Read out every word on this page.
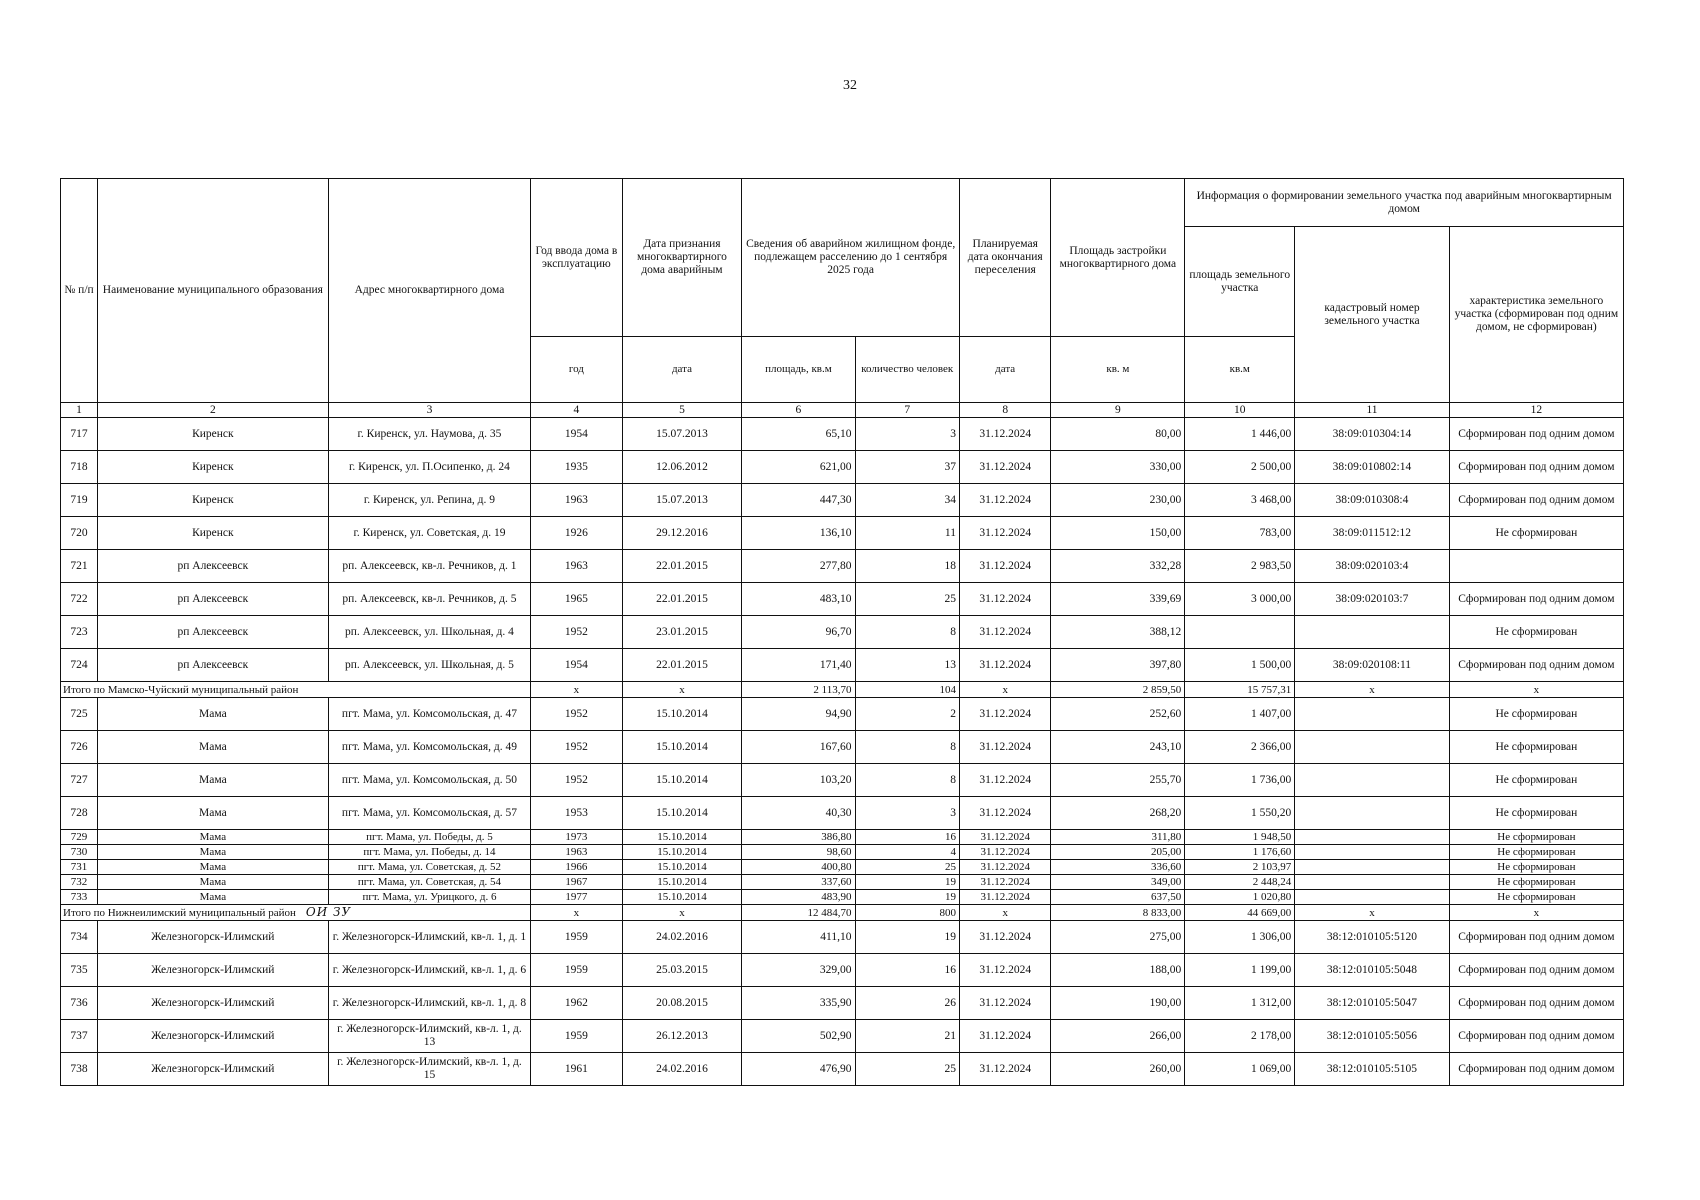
32
№ п/п	Наименование муниципального образования	Адрес многоквартирного дома	Год ввода дома в эксплуатацию	Дата признания многоквартирного дома аварийным	Сведения об аварийном жилищном фонде, подлежащем расселению до 1 сентября 2025 года		Планируемая дата окончания переселения	Площадь застройки многоквартирного дома	Информация о формировании земельного участка под аварийным многоквартирным домом		
									площадь земельного участка	кадастровый номер земельного участка	характеристика земельного участка (сформирован под одним домом, не сформирован)
			год	дата	площадь, кв.м	количество человек	дата	кв. м	кв.м		
1	2	3	4	5	6	7	8	9	10	11	12
717	Киренск	г. Киренск, ул. Наумова, д. 35	1954	15.07.2013	65,10	3	31.12.2024	80,00	1 446,00	38:09:010304:14	Сформирован под одним домом
718	Киренск	г. Киренск, ул. П.Осипенко, д. 24	1935	12.06.2012	621,00	37	31.12.2024	330,00	2 500,00	38:09:010802:14	Сформирован под одним домом
719	Киренск	г. Киренск, ул. Репина, д. 9	1963	15.07.2013	447,30	34	31.12.2024	230,00	3 468,00	38:09:010308:4	Сформирован под одним домом
720	Киренск	г. Киренск, ул. Советская, д. 19	1926	29.12.2016	136,10	11	31.12.2024	150,00	783,00	38:09:011512:12	Не сформирован
721	рп Алексеевск	рп. Алексеевск, кв-л. Речников, д. 1	1963	22.01.2015	277,80	18	31.12.2024	332,28	2 983,50	38:09:020103:4	
722	рп Алексеевск	рп. Алексеевск, кв-л. Речников, д. 5	1965	22.01.2015	483,10	25	31.12.2024	339,69	3 000,00	38:09:020103:7	Сформирован под одним домом
723	рп Алексеевск	рп. Алексеевск, ул. Школьная, д. 4	1952	23.01.2015	96,70	8	31.12.2024	388,12			Не сформирован
724	рп Алексеевск	рп. Алексеевск, ул. Школьная, д. 5	1954	22.01.2015	171,40	13	31.12.2024	397,80	1 500,00	38:09:020108:11	Сформирован под одним домом
Итого по Мамско-Чуйский муниципальный район			x	x	2 113,70	104	x	2 859,50	15 757,31	x	x
725	Мама	пгт. Мама, ул. Комсомольская, д. 47	1952	15.10.2014	94,90	2	31.12.2024	252,60	1 407,00		Не сформирован
726	Мама	пгт. Мама, ул. Комсомольская, д. 49	1952	15.10.2014	167,60	8	31.12.2024	243,10	2 366,00		Не сформирован
727	Мама	пгт. Мама, ул. Комсомольская, д. 50	1952	15.10.2014	103,20	8	31.12.2024	255,70	1 736,00		Не сформирован
728	Мама	пгт. Мама, ул. Комсомольская, д. 57	1953	15.10.2014	40,30	3	31.12.2024	268,20	1 550,20		Не сформирован
729	Мама	пгт. Мама, ул. Победы, д. 5	1973	15.10.2014	386,80	16	31.12.2024	311,80	1 948,50		Не сформирован
730	Мама	пгт. Мама, ул. Победы, д. 14	1963	15.10.2014	98,60	4	31.12.2024	205,00	1 176,60		Не сформирован
731	Мама	пгт. Мама, ул. Советская, д. 52	1966	15.10.2014	400,80	25	31.12.2024	336,60	2 103,97		Не сформирован
732	Мама	пгт. Мама, ул. Советская, д. 54	1967	15.10.2014	337,60	19	31.12.2024	349,00	2 448,24		Не сформирован
733	Мама	пгт. Мама, ул. Урицкого, д. 6	1977	15.10.2014	483,90	19	31.12.2024	637,50	1 020,80		Не сформирован
Итого по Нижнеилимский муниципальный район ОИ ЗУ			x	x	12 484,70	800	x	8 833,00	44 669,00	x	x
734	Железногорск-Илимский	г. Железногорск-Илимский, кв-л. 1, д. 1	1959	24.02.2016	411,10	19	31.12.2024	275,00	1 306,00	38:12:010105:5120	Сформирован под одним домом
735	Железногорск-Илимский	г. Железногорск-Илимский, кв-л. 1, д. 6	1959	25.03.2015	329,00	16	31.12.2024	188,00	1 199,00	38:12:010105:5048	Сформирован под одним домом
736	Железногорск-Илимский	г. Железногорск-Илимский, кв-л. 1, д. 8	1962	20.08.2015	335,90	26	31.12.2024	190,00	1 312,00	38:12:010105:5047	Сформирован под одним домом
737	Железногорск-Илимский	г. Железногорск-Илимский, кв-л. 1, д. 13	1959	26.12.2013	502,90	21	31.12.2024	266,00	2 178,00	38:12:010105:5056	Сформирован под одним домом
738	Железногорск-Илимский	г. Железногорск-Илимский, кв-л. 1, д. 15	1961	24.02.2016	476,90	25	31.12.2024	260,00	1 069,00	38:12:010105:5105	Сформирован под одним домом
